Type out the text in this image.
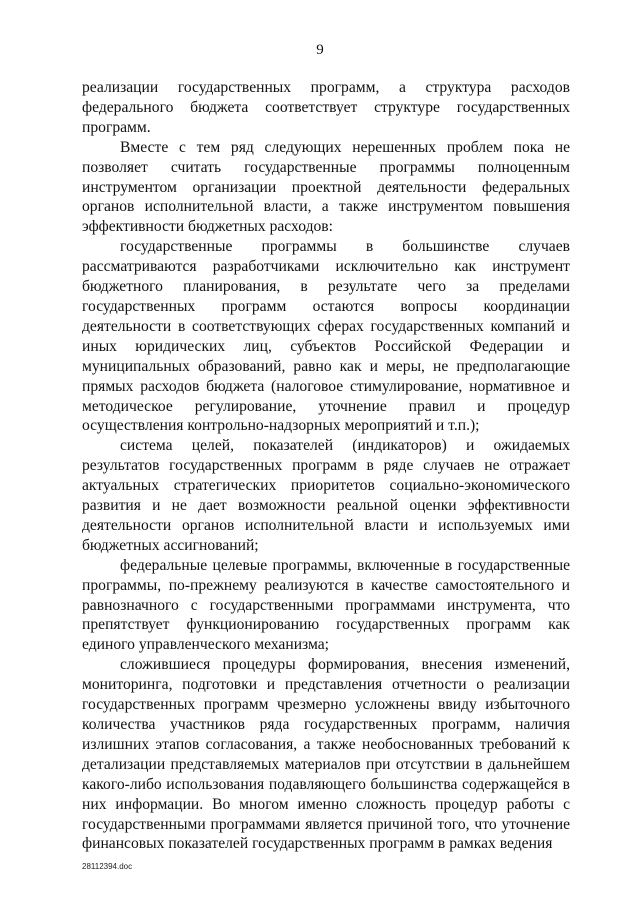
9

реализации государственных программ, а структура расходов федерального бюджета соответствует структуре государственных программ.

Вместе с тем ряд следующих нерешенных проблем пока не позволяет считать государственные программы полноценным инструментом организации проектной деятельности федеральных органов исполнительной власти, а также инструментом повышения эффективности бюджетных расходов:

государственные программы в большинстве случаев рассматриваются разработчиками исключительно как инструмент бюджетного планирования, в результате чего за пределами государственных программ остаются вопросы координации деятельности в соответствующих сферах государственных компаний и иных юридических лиц, субъектов Российской Федерации и муниципальных образований, равно как и меры, не предполагающие прямых расходов бюджета (налоговое стимулирование, нормативное и методическое регулирование, уточнение правил и процедур осуществления контрольно-надзорных мероприятий и т.п.);

система целей, показателей (индикаторов) и ожидаемых результатов государственных программ в ряде случаев не отражает актуальных стратегических приоритетов социально-экономического развития и не дает возможности реальной оценки эффективности деятельности органов исполнительной власти и используемых ими бюджетных ассигнований;

федеральные целевые программы, включенные в государственные программы, по-прежнему реализуются в качестве самостоятельного и равнозначного с государственными программами инструмента, что препятствует функционированию государственных программ как единого управленческого механизма;

сложившиеся процедуры формирования, внесения изменений, мониторинга, подготовки и представления отчетности о реализации государственных программ чрезмерно усложнены ввиду избыточного количества участников ряда государственных программ, наличия излишних этапов согласования, а также необоснованных требований к детализации представляемых материалов при отсутствии в дальнейшем какого-либо использования подавляющего большинства содержащейся в них информации. Во многом именно сложность процедур работы с государственными программами является причиной того, что уточнение финансовых показателей государственных программ в рамках ведения

28112394.doc
